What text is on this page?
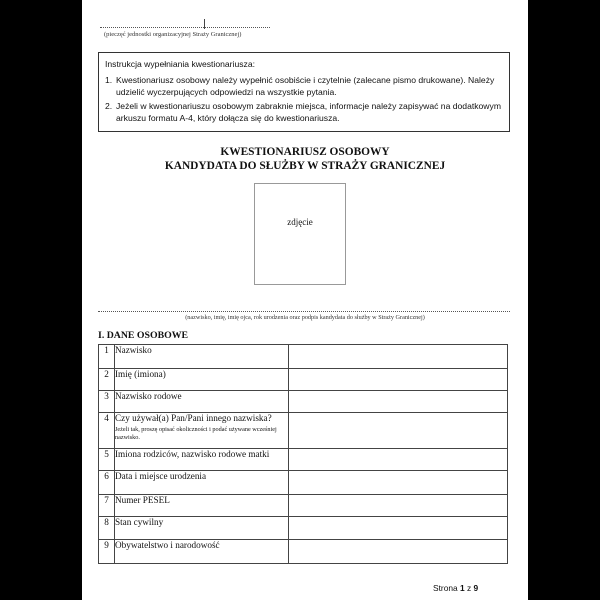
(pieczęć jednostki organizacyjnej Straży Granicznej)
Instrukcja wypełniania kwestionariusza:
1. Kwestionariusz osobowy należy wypełnić osobiście i czytelnie (zalecane pismo drukowane). Należy udzielić wyczerpujących odpowiedzi na wszystkie pytania.
2. Jeżeli w kwestionariuszu osobowym zabraknie miejsca, informacje należy zapisywać na dodatkowym arkuszu formatu A-4, który dołącza się do kwestionariusza.
KWESTIONARIUSZ OSOBOWY
KANDYDATA DO SŁUŻBY W STRAŻY GRANICZNEJ
zdjęcie
(nazwisko, imię, imię ojca, rok urodzenia oraz podpis kandydata do służby w Straży Granicznej)
I. DANE OSOBOWE
1	Nazwisko	
2	Imię (imiona)	
3	Nazwisko rodowe	
4	Czy używał(a) Pan/Pani innego nazwiska?
Jeżeli tak, proszę opisać okoliczności i podać używane wcześniej nazwisko.	

5	Imiona rodziców, nazwisko rodowe matki	
6	Data i miejsce urodzenia	
7	Numer PESEL	
8	Stan cywilny	
9	Obywatelstwo i narodowość	
Strona 1 z 9
